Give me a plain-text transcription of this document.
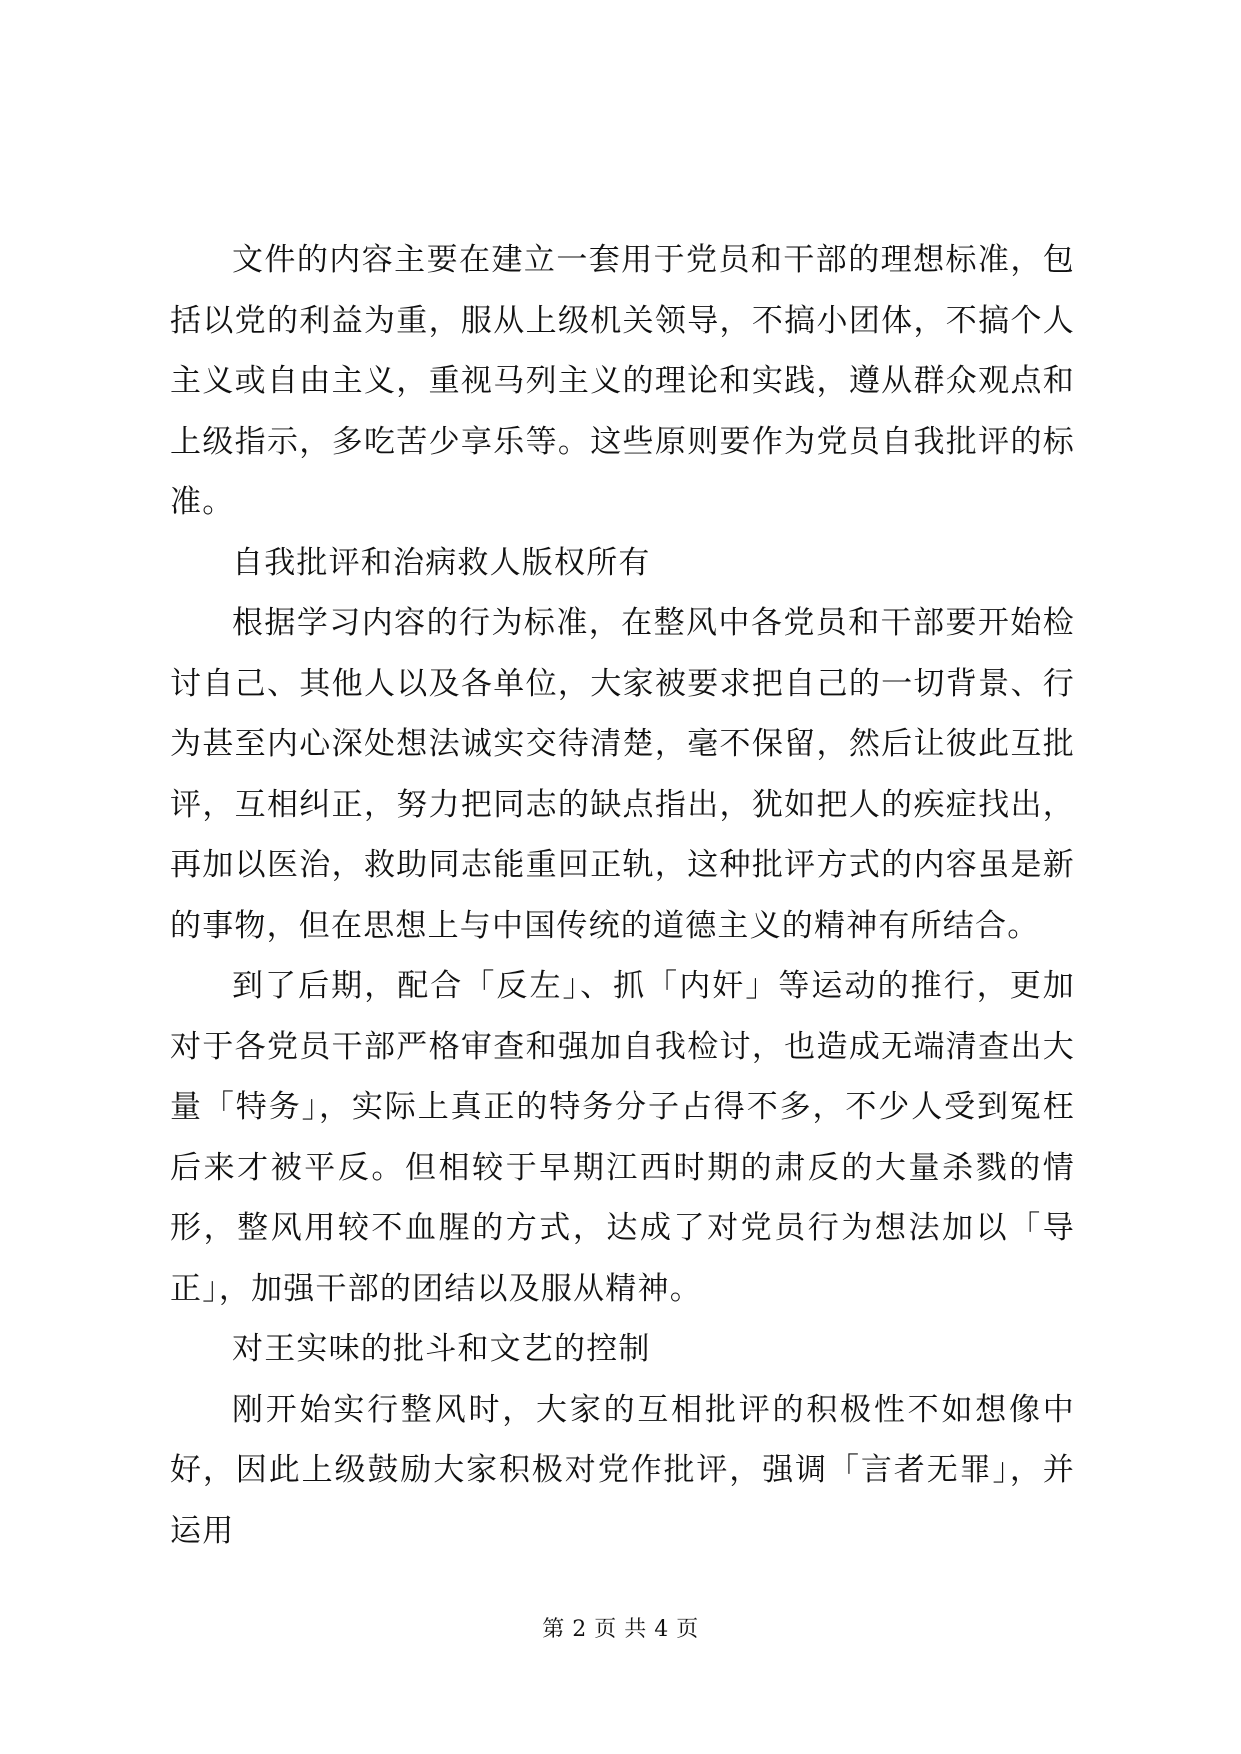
文件的内容主要在建立一套用于党员和干部的理想标准，包括以党的利益为重，服从上级机关领导，不搞小团体，不搞个人主义或自由主义，重视马列主义的理论和实践，遵从群众观点和上级指示，多吃苦少享乐等。这些原则要作为党员自我批评的标准。

自我批评和治病救人版权所有

根据学习内容的行为标准，在整风中各党员和干部要开始检讨自己、其他人以及各单位，大家被要求把自己的一切背景、行为甚至内心深处想法诚实交待清楚，毫不保留，然后让彼此互批评，互相纠正，努力把同志的缺点指出，犹如把人的疾症找出，再加以医治，救助同志能重回正轨，这种批评方式的内容虽是新的事物，但在思想上与中国传统的道德主义的精神有所结合。

到了后期，配合「反左」、抓「内奸」等运动的推行，更加对于各党员干部严格审查和强加自我检讨，也造成无端清查出大量「特务」，实际上真正的特务分子占得不多，不少人受到冤枉后来才被平反。但相较于早期江西时期的肃反的大量杀戮的情形，整风用较不血腥的方式，达成了对党员行为想法加以「导正」，加强干部的团结以及服从精神。

对王实味的批斗和文艺的控制

刚开始实行整风时，大家的互相批评的积极性不如想像中好，因此上级鼓励大家积极对党作批评，强调「言者无罪」，并运用

第 2 页 共 4 页
